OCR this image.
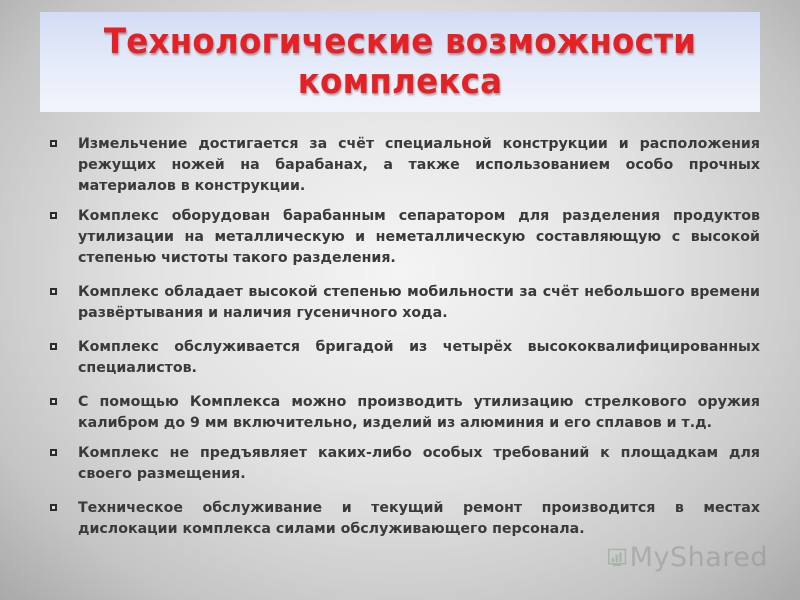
Технологические возможности комплекса
Измельчение достигается за счёт специальной конструкции и расположения режущих ножей на барабанах, а также использованием особо прочных материалов в конструкции.
Комплекс оборудован барабанным сепаратором для разделения продуктов утилизации на металлическую и неметаллическую составляющую с высокой степенью чистоты такого разделения.
Комплекс обладает высокой степенью мобильности за счёт небольшого времени развёртывания и наличия гусеничного хода.
Комплекс обслуживается бригадой из четырёх высококвалифицированных специалистов.
С помощью Комплекса можно производить утилизацию стрелкового оружия калибром до 9 мм включительно, изделий из алюминия и его сплавов и т.д.
Комплекс не предъявляет каких-либо особых требований к площадкам для своего размещения.
Техническое обслуживание и текущий ремонт производится в местах дислокации комплекса силами обслуживающего персонала.
MyShared
